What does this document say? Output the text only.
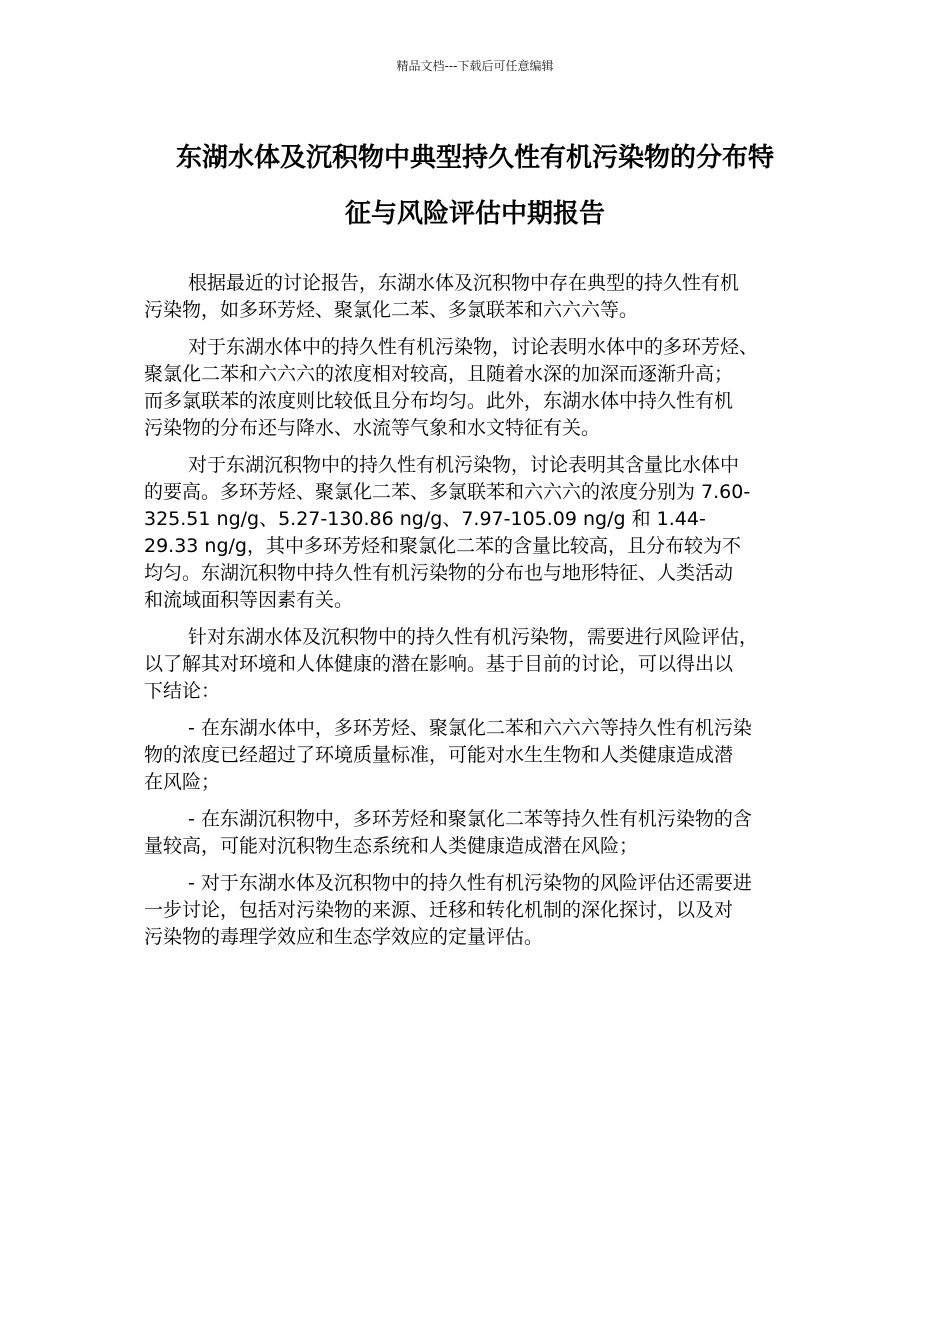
精品文档---下载后可任意编辑
东湖水体及沉积物中典型持久性有机污染物的分布特
征与风险评估中期报告

根据最近的讨论报告，东湖水体及沉积物中存在典型的持久性有机
污染物，如多环芳烃、聚氯化二苯、多氯联苯和六六六等。

对于东湖水体中的持久性有机污染物，讨论表明水体中的多环芳烃、
聚氯化二苯和六六六的浓度相对较高，且随着水深的加深而逐渐升高；
而多氯联苯的浓度则比较低且分布均匀。此外，东湖水体中持久性有机
污染物的分布还与降水、水流等气象和水文特征有关。

对于东湖沉积物中的持久性有机污染物，讨论表明其含量比水体中
的要高。多环芳烃、聚氯化二苯、多氯联苯和六六六的浓度分别为 7.60-
325.51 ng/g、5.27-130.86 ng/g、7.97-105.09 ng/g 和 1.44-
29.33 ng/g，其中多环芳烃和聚氯化二苯的含量比较高，且分布较为不
均匀。东湖沉积物中持久性有机污染物的分布也与地形特征、人类活动
和流域面积等因素有关。

针对东湖水体及沉积物中的持久性有机污染物，需要进行风险评估，
以了解其对环境和人体健康的潜在影响。基于目前的讨论，可以得出以
下结论：

- 在东湖水体中，多环芳烃、聚氯化二苯和六六六等持久性有机污染
物的浓度已经超过了环境质量标准，可能对水生生物和人类健康造成潜
在风险；

- 在东湖沉积物中，多环芳烃和聚氯化二苯等持久性有机污染物的含
量较高，可能对沉积物生态系统和人类健康造成潜在风险；

- 对于东湖水体及沉积物中的持久性有机污染物的风险评估还需要进
一步讨论，包括对污染物的来源、迁移和转化机制的深化探讨，以及对
污染物的毒理学效应和生态学效应的定量评估。
